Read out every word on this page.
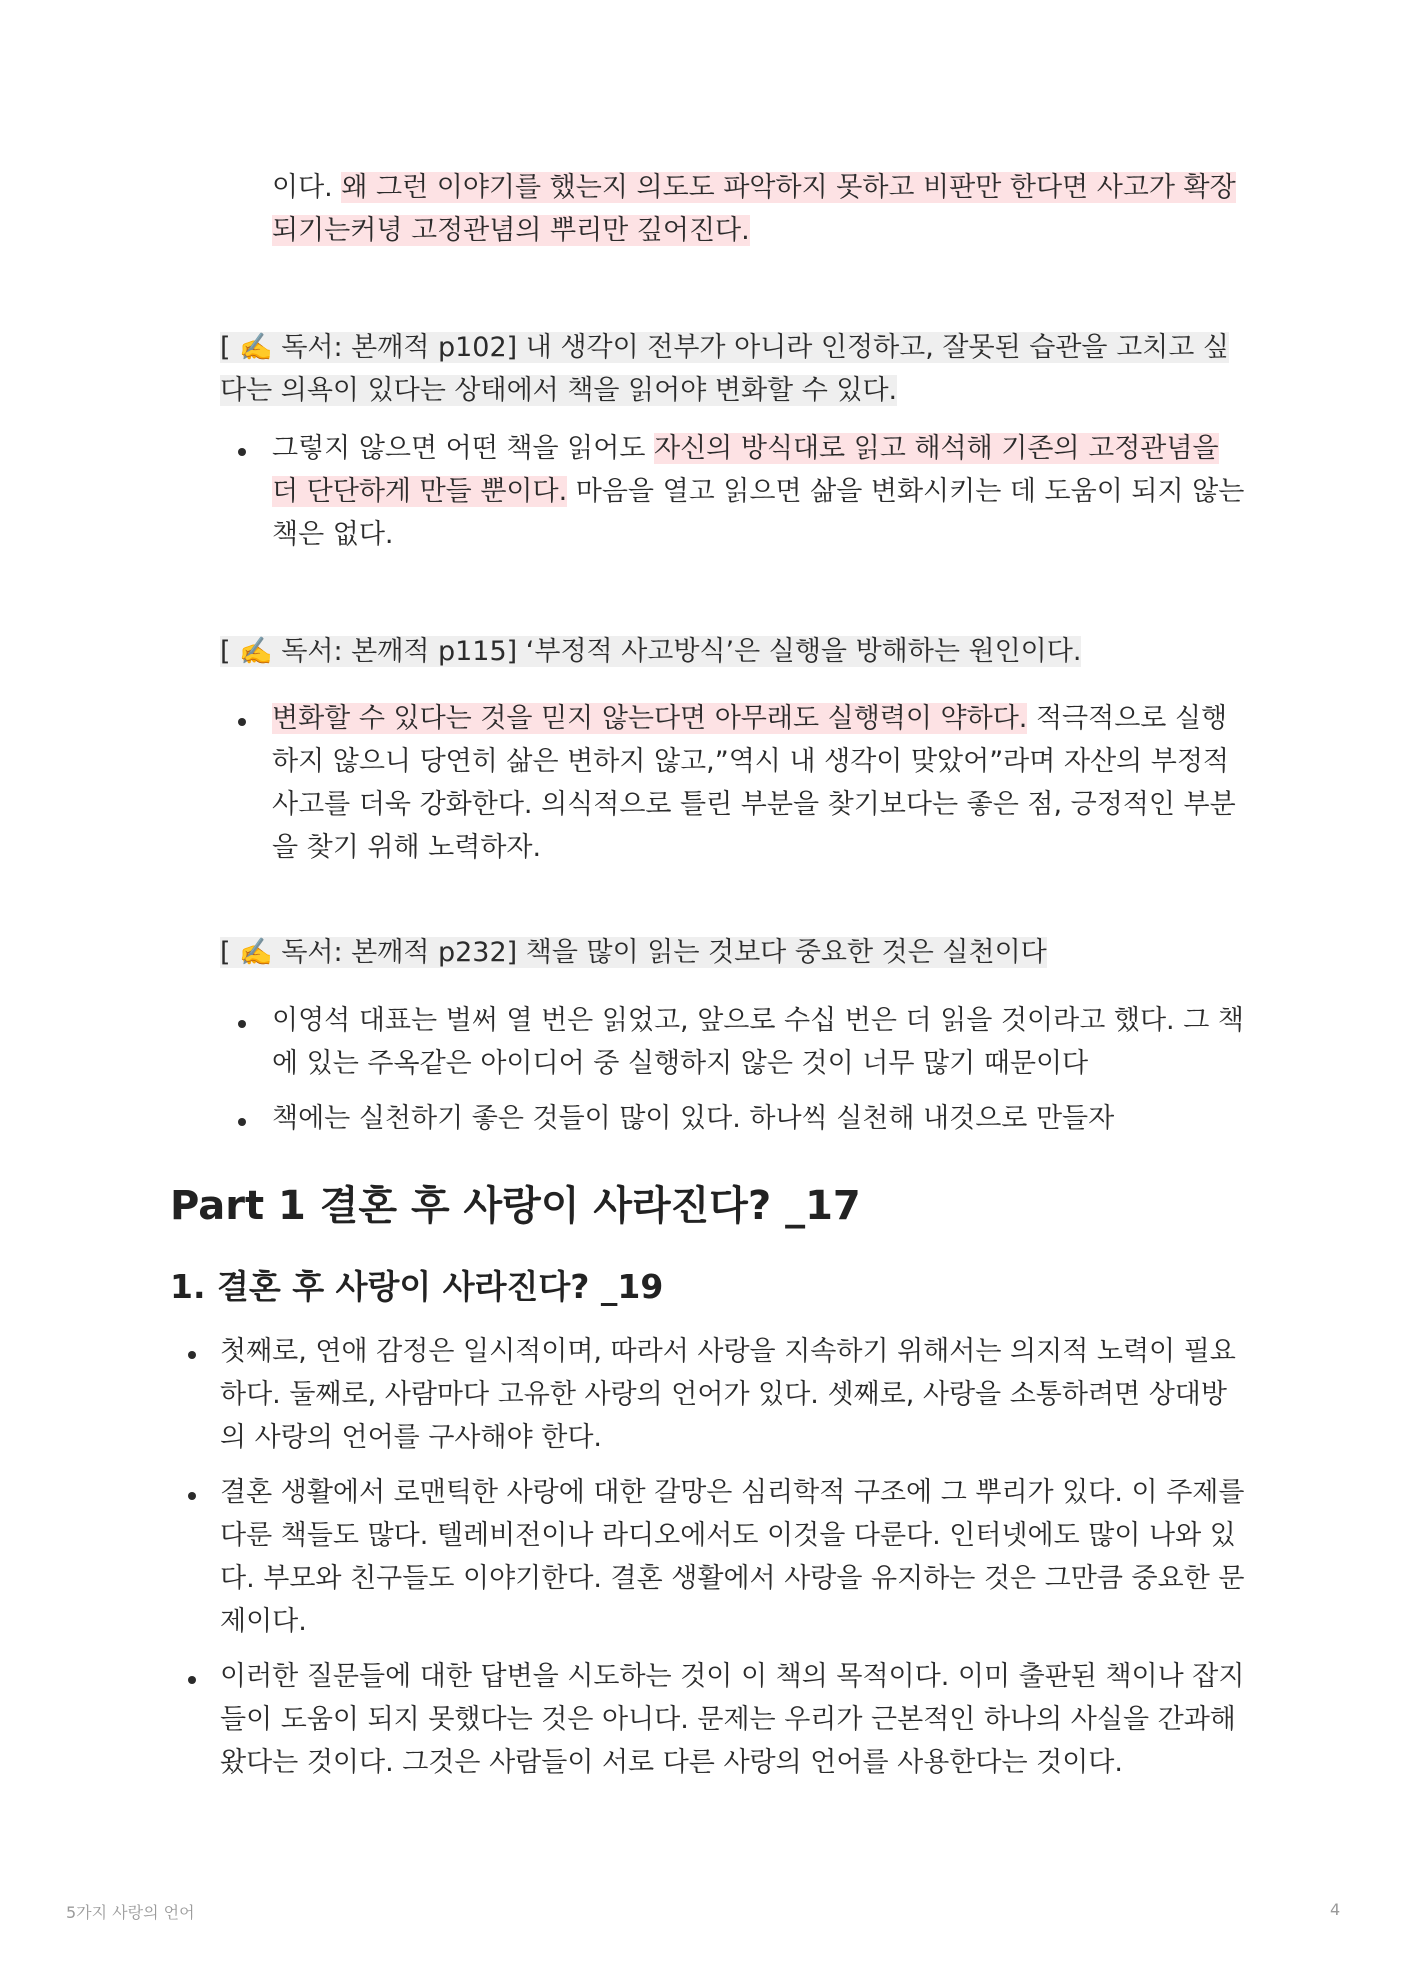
이다. 왜 그런 이야기를 했는지 의도도 파악하지 못하고 비판만 한다면 사고가 확장
되기는커녕 고정관념의 뿌리만 깊어진다.
[ ✍️ 독서: 본깨적 p102] 내 생각이 전부가 아니라 인정하고, 잘못된 습관을 고치고 싶
다는 의욕이 있다는 상태에서 책을 읽어야 변화할 수 있다.
그렇지 않으면 어떤 책을 읽어도 자신의 방식대로 읽고 해석해 기존의 고정관념을
더 단단하게 만들 뿐이다. 마음을 열고 읽으면 삶을 변화시키는 데 도움이 되지 않는
책은 없다.
[ ✍️ 독서: 본깨적 p115] ‘부정적 사고방식’은 실행을 방해하는 원인이다.
변화할 수 있다는 것을 믿지 않는다면 아무래도 실행력이 약하다. 적극적으로 실행
하지 않으니 당연히 삶은 변하지 않고,”역시 내 생각이 맞았어”라며 자산의 부정적
사고를 더욱 강화한다. 의식적으로 틀린 부분을 찾기보다는 좋은 점, 긍정적인 부분
을 찾기 위해 노력하자.
[ ✍️ 독서: 본깨적 p232] 책을 많이 읽는 것보다 중요한 것은 실천이다
이영석 대표는 벌써 열 번은 읽었고, 앞으로 수십 번은 더 읽을 것이라고 했다. 그 책
에 있는 주옥같은 아이디어 중 실행하지 않은 것이 너무 많기 때문이다
책에는 실천하기 좋은 것들이 많이 있다. 하나씩 실천해 내것으로 만들자
Part 1 결혼 후 사랑이 사라진다? _17
1. 결혼 후 사랑이 사라진다? _19
첫째로, 연애 감정은 일시적이며, 따라서 사랑을 지속하기 위해서는 의지적 노력이 필요
하다. 둘째로, 사람마다 고유한 사랑의 언어가 있다. 셋째로, 사랑을 소통하려면 상대방
의 사랑의 언어를 구사해야 한다.
결혼 생활에서 로맨틱한 사랑에 대한 갈망은 심리학적 구조에 그 뿌리가 있다. 이 주제를
다룬 책들도 많다. 텔레비전이나 라디오에서도 이것을 다룬다. 인터넷에도 많이 나와 있
다. 부모와 친구들도 이야기한다. 결혼 생활에서 사랑을 유지하는 것은 그만큼 중요한 문
제이다.
이러한 질문들에 대한 답변을 시도하는 것이 이 책의 목적이다. 이미 출판된 책이나 잡지
들이 도움이 되지 못했다는 것은 아니다. 문제는 우리가 근본적인 하나의 사실을 간과해
왔다는 것이다. 그것은 사람들이 서로 다른 사랑의 언어를 사용한다는 것이다.
5가지 사랑의 언어	4
